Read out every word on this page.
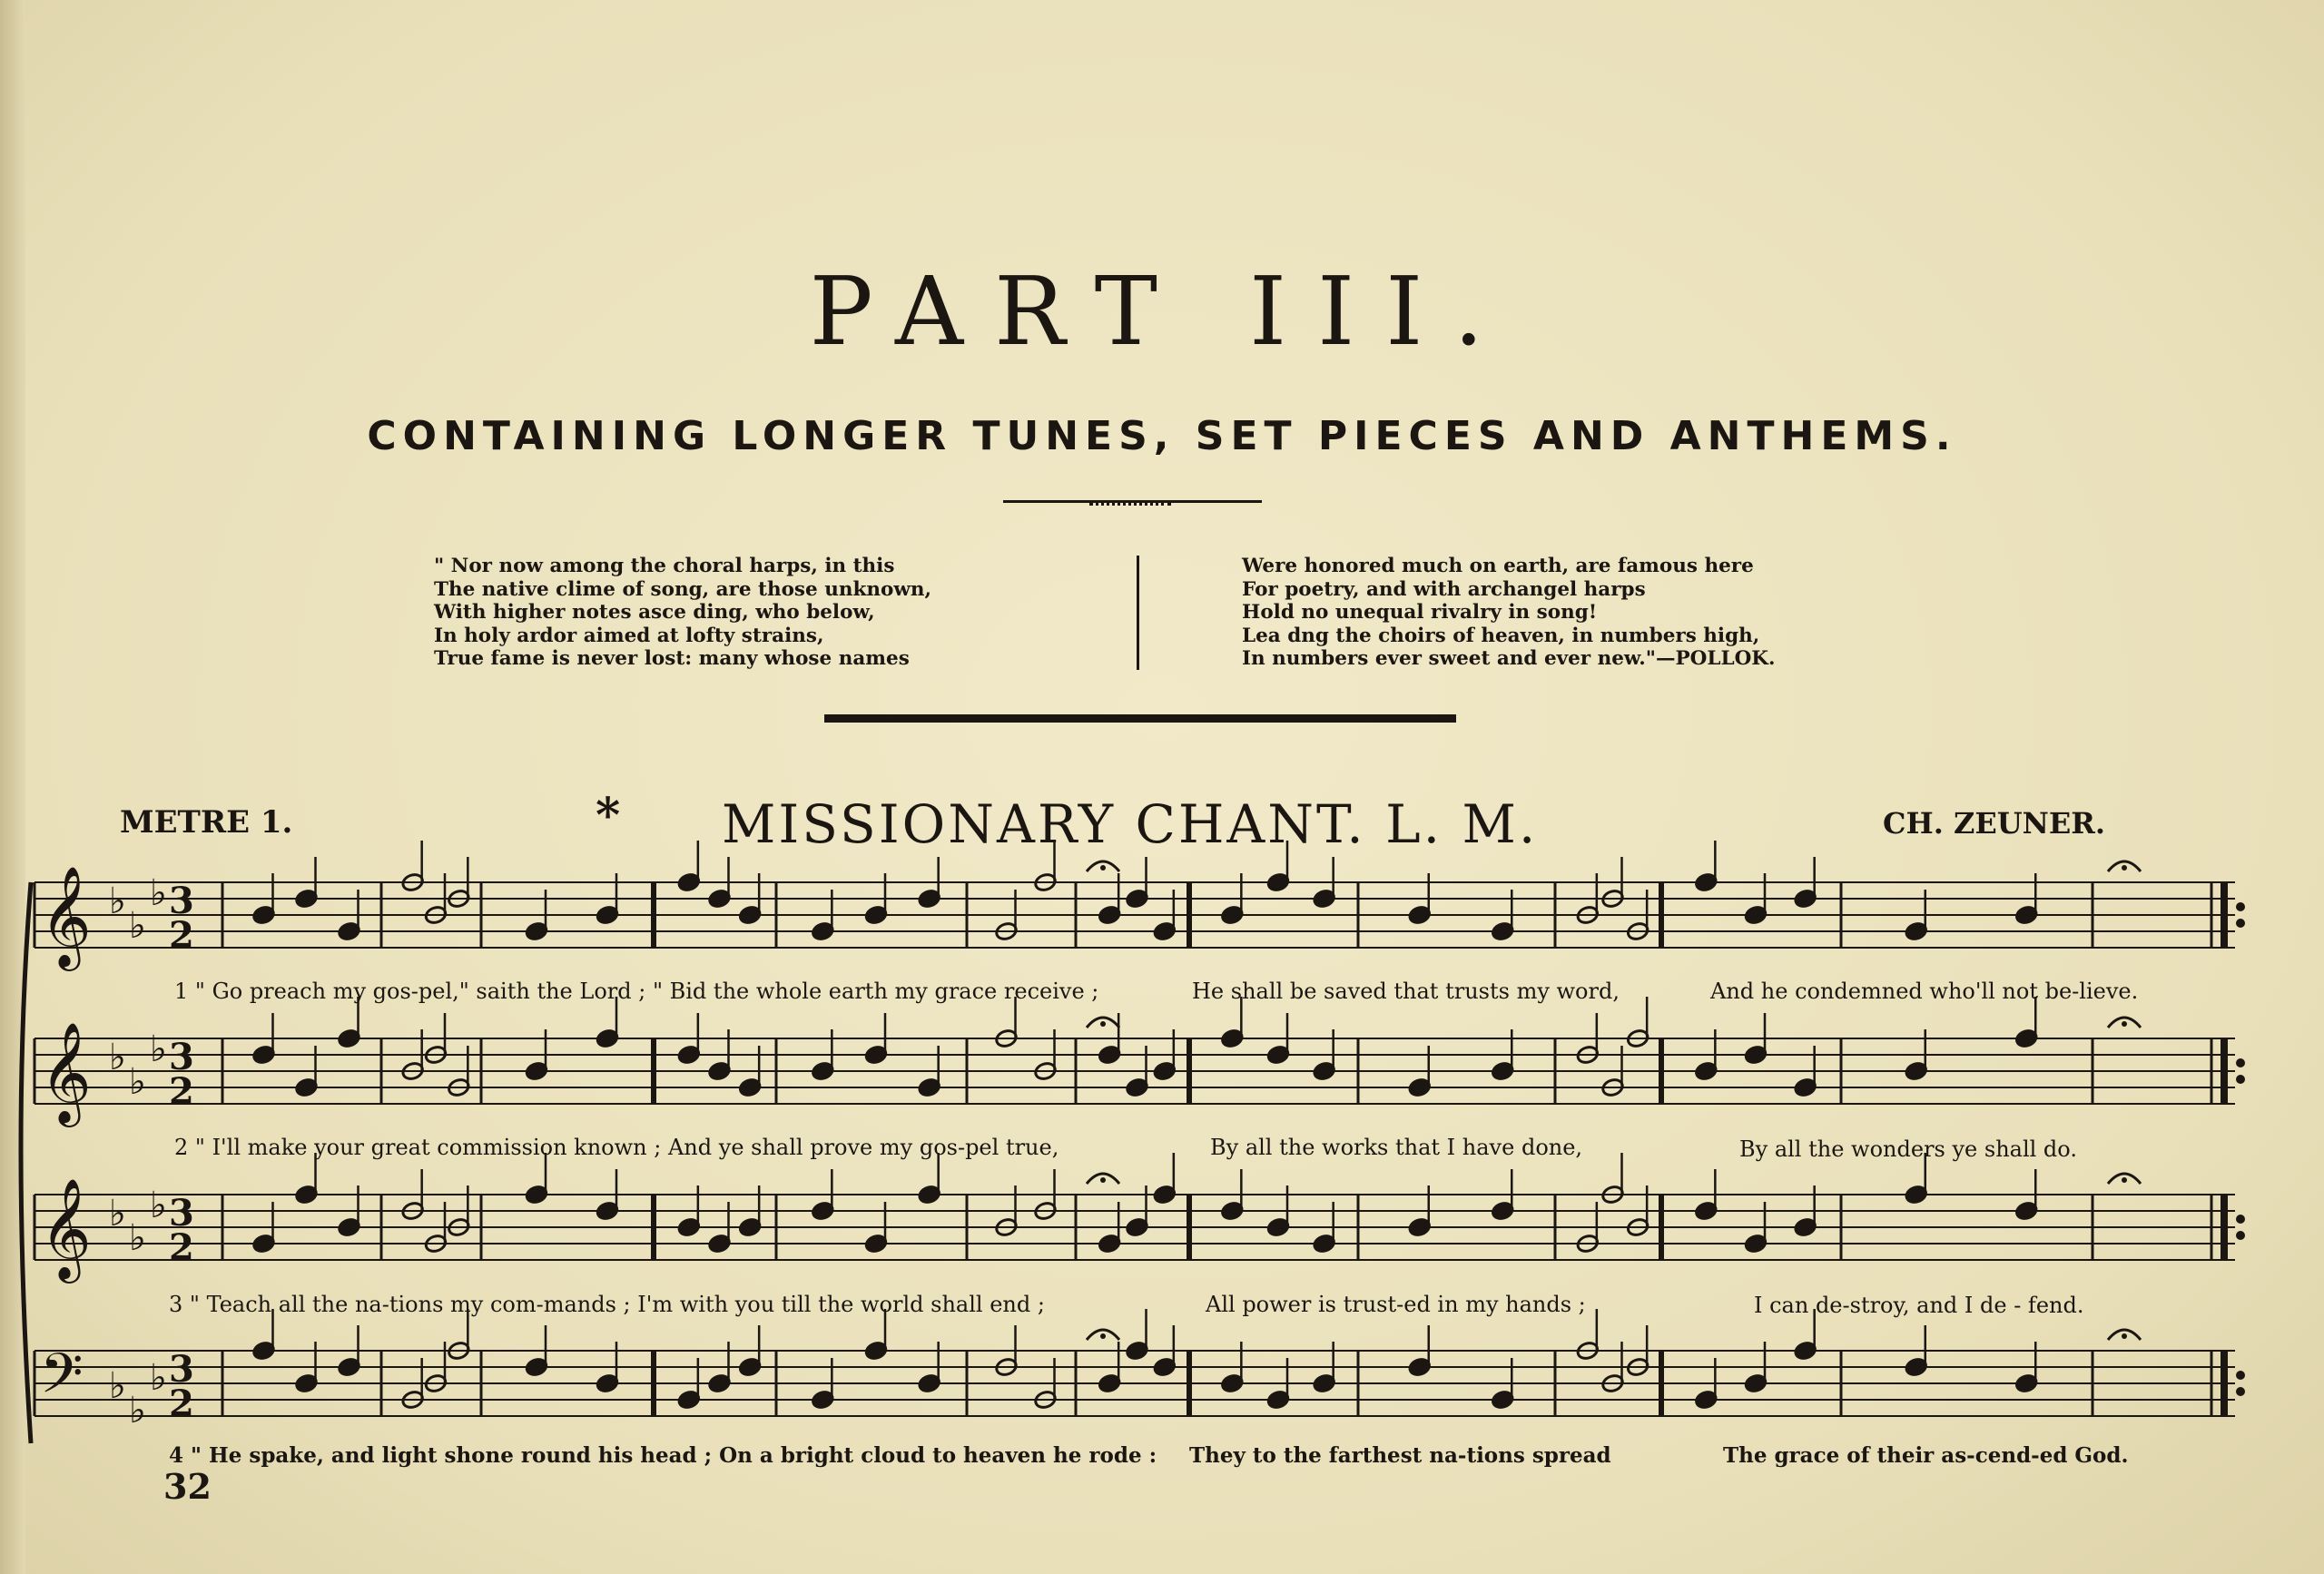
PART III.
CONTAINING LONGER TUNES, SET PIECES AND ANTHEMS.
" Nor now among the choral harps, in this
The native clime of song, are those unknown,
With higher notes asce ding, who below,
In holy ardor aimed at lofty strains,
True fame is never lost: many whose names
Were honored much on earth, are famous here
For poetry, and with archangel harps
Hold no unequal rivalry in song!
Lea dng the choirs of heaven, in numbers high,
In numbers ever sweet and ever new."—POLLOK.
METRE 1.	* MISSIONARY CHANT. L. M.	CH. ZEUNER.
𝄞 ♭
♭
♭ 3
2
𝄞 ♭
♭
♭ 3
2
𝄞 ♭
♭
♭ 3
2
𝄢 ♭
♭
♭ 3
2
1 " Go preach my gos-pel," saith the Lord ; " Bid the whole earth my grace receive ;	He shall be saved that trusts my word,	And he condemned who'll not be-lieve.
2 " I'll make your great commission known ; And ye shall prove my gos-pel true,	By all the works that I have done,	By all the wonders ye shall do.
3 " Teach all the na-tions my com-mands ; I'm with you till the world shall end ;	All power is trust-ed in my hands ;	I can de-stroy, and I de - fend.
4 " He spake, and light shone round his head ; On a bright cloud to heaven he rode : They to the farthest na-tions spread	The grace of their as-cend-ed God.
32
